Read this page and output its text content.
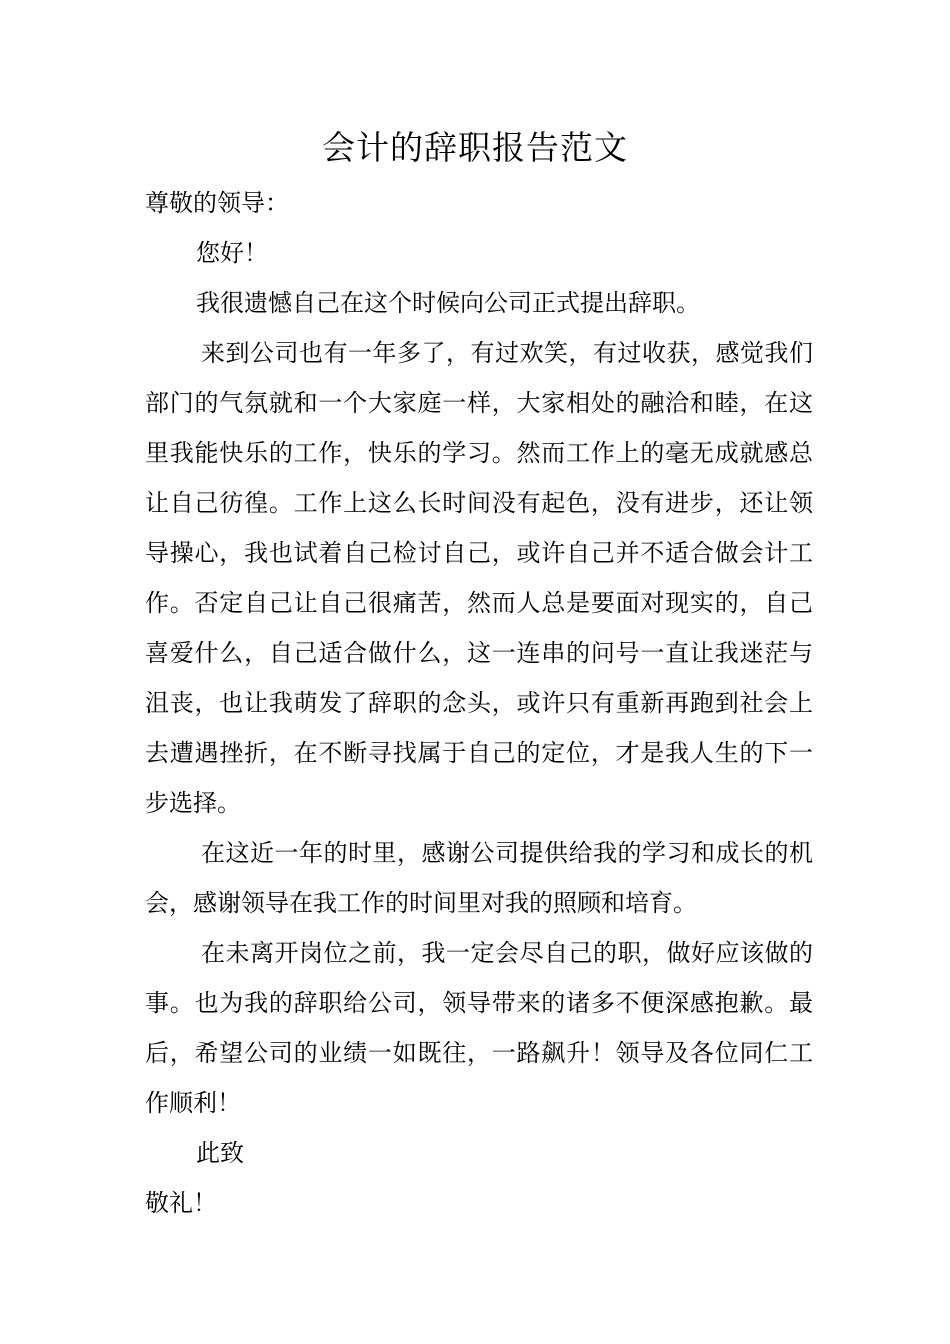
会计的辞职报告范文

尊敬的领导：

您好！

我很遗憾自己在这个时候向公司正式提出辞职。

来到公司也有一年多了，有过欢笑，有过收获，感觉我们部门的气氛就和一个大家庭一样，大家相处的融洽和睦，在这里我能快乐的工作，快乐的学习。然而工作上的毫无成就感总让自己彷徨。工作上这么长时间没有起色，没有进步，还让领导操心，我也试着自己检讨自己，或许自己并不适合做会计工作。否定自己让自己很痛苦，然而人总是要面对现实的，自己喜爱什么，自己适合做什么，这一连串的问号一直让我迷茫与沮丧，也让我萌发了辞职的念头，或许只有重新再跑到社会上去遭遇挫折，在不断寻找属于自己的定位，才是我人生的下一步选择。

在这近一年的时里，感谢公司提供给我的学习和成长的机会，感谢领导在我工作的时间里对我的照顾和培育。

在未离开岗位之前，我一定会尽自己的职，做好应该做的事。也为我的辞职给公司，领导带来的诸多不便深感抱歉。最后，希望公司的业绩一如既往，一路飙升！领导及各位同仁工作顺利！

此致

敬礼！
